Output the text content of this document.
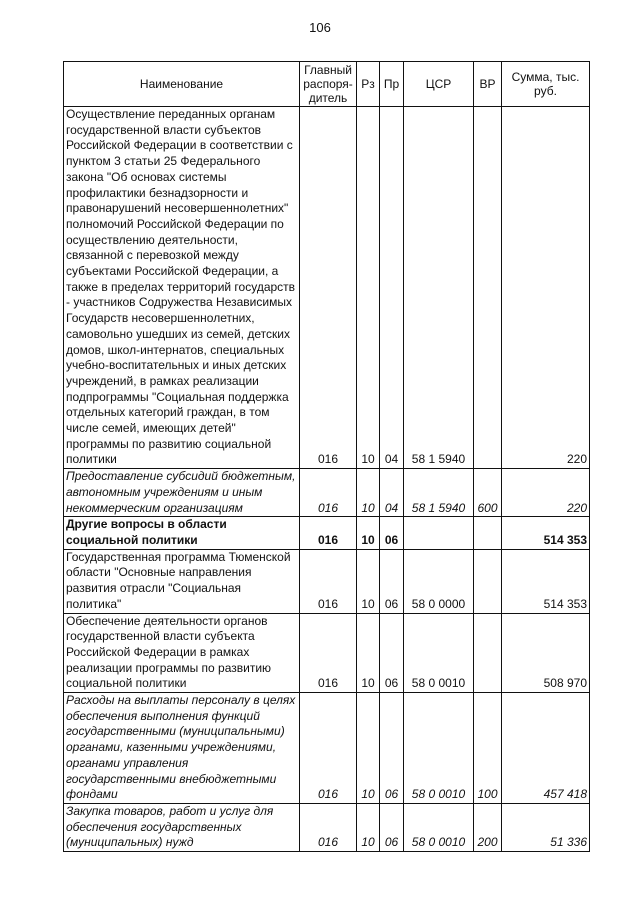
106
Наименование	Главный распоря-дитель	Рз	Пр	ЦСР	ВР	Сумма, тыс. руб.
Осуществление переданных органам государственной власти субъектов Российской Федерации в соответствии с пунктом 3 статьи 25 Федерального закона "Об основах системы профилактики безнадзорности и правонарушений несовершеннолетних" полномочий Российской Федерации по осуществлению деятельности, связанной с перевозкой между субъектами Российской Федерации, а также в пределах территорий государств - участников Содружества Независимых Государств несовершеннолетних, самовольно ушедших из семей, детских домов, школ-интернатов, специальных учебно-воспитательных и иных детских учреждений, в рамках реализации подпрограммы "Социальная поддержка отдельных категорий граждан, в том числе семей, имеющих детей" программы по развитию социальной политики	016	10	04	58 1 5940		220
Предоставление субсидий бюджетным, автономным учреждениям и иным некоммерческим организациям	016	10	04	58 1 5940	600	220
Другие вопросы в области социальной политики	016	10	06			514 353
Государственная программа Тюменской области "Основные направления развития отрасли "Социальная политика"	016	10	06	58 0 0000		514 353
Обеспечение деятельности органов государственной власти субъекта Российской Федерации в рамках реализации программы по развитию социальной политики	016	10	06	58 0 0010		508 970
Расходы на выплаты персоналу в целях обеспечения выполнения функций государственными (муниципальными) органами, казенными учреждениями, органами управления государственными внебюджетными фондами	016	10	06	58 0 0010	100	457 418
Закупка товаров, работ и услуг для обеспечения государственных (муниципальных) нужд	016	10	06	58 0 0010	200	51 336
